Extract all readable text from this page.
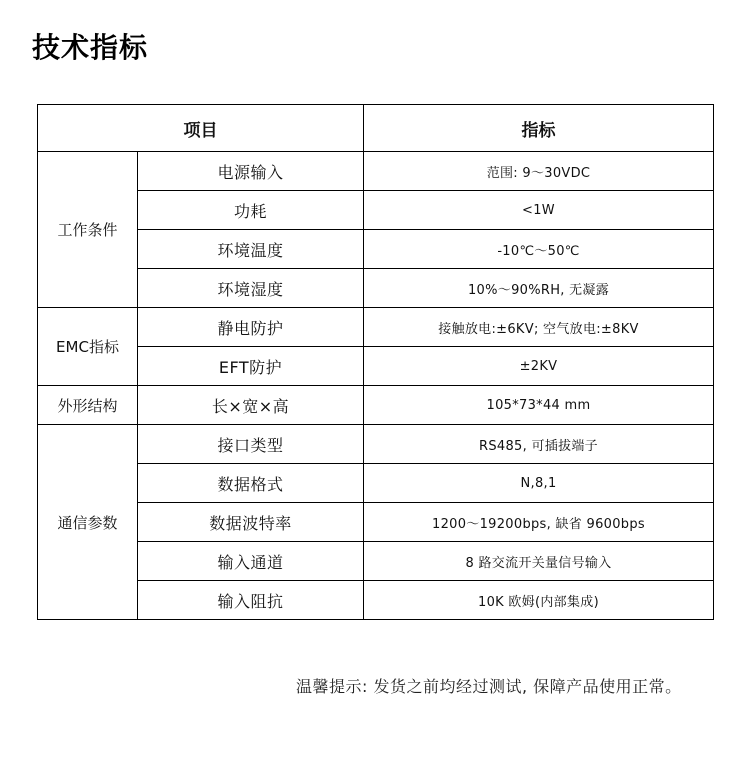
技术指标
项目		指标
工作条件	电源输入	范围: 9～30VDC
	功耗	<1W
	环境温度	-10℃～50℃
	环境湿度	10%～90%RH, 无凝露
EMC指标	静电防护	接触放电:±6KV; 空气放电:±8KV
	EFT防护	±2KV
外形结构	长×宽×高	105*73*44 mm
通信参数	接口类型	RS485, 可插拔端子
	数据格式	N,8,1
	数据波特率	1200～19200bps, 缺省 9600bps
	输入通道	8 路交流开关量信号输入
	输入阻抗	10K 欧姆(内部集成)
温馨提示: 发货之前均经过测试, 保障产品使用正常。
